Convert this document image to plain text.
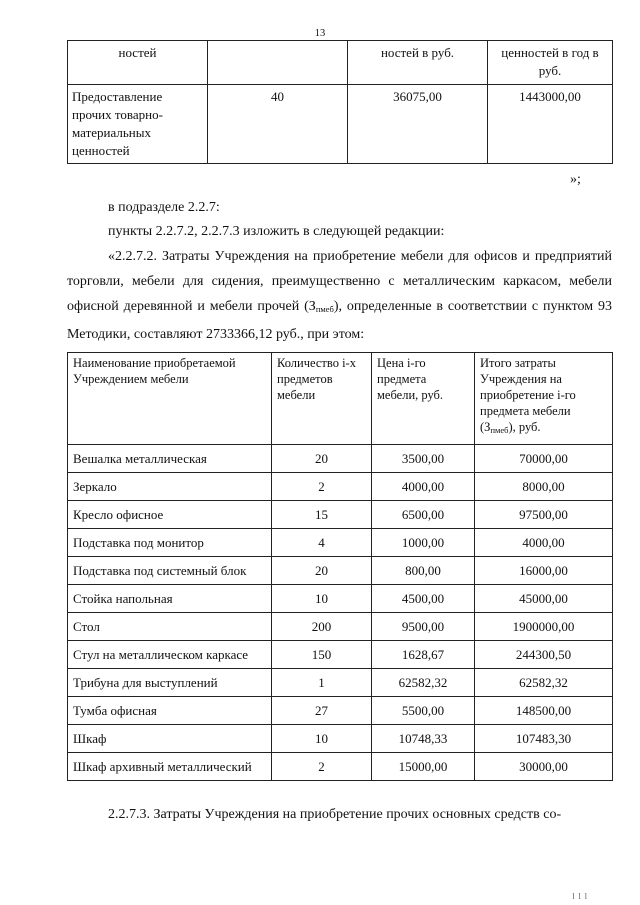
13
ностей		ностей в руб.	ценностей в год в руб.
Предоставление прочих товарно-материальных ценностей	40	36075,00	1443000,00
»;
в подразделе 2.2.7:
пункты 2.2.7.2, 2.2.7.3 изложить в следующей редакции:
«2.2.7.2. Затраты Учреждения на приобретение мебели для офисов и предприятий торговли, мебели для сидения, преимущественно с металлическим каркасом, мебели офисной деревянной и мебели прочей $(З_{пмеб})$, определенные в соответствии с пунктом 93 Методики, составляют 2733366,12 руб., при этом:
Наименование приобретаемой Учреждением мебели	Количество i-х предметов мебели	Цена i-го предмета мебели, руб.	Итого затраты Учреждения на приобретение i-го предмета мебели $(З_{пмеб})$, руб.
Вешалка металлическая	20	3500,00	70000,00
Зеркало	2	4000,00	8000,00
Кресло офисное	15	6500,00	97500,00
Подставка под монитор	4	1000,00	4000,00
Подставка под системный блок	20	800,00	16000,00
Стойка напольная	10	4500,00	45000,00
Стол	200	9500,00	1900000,00
Стул на металлическом каркасе	150	1628,67	244300,50
Трибуна для выступлений	1	62582,32	62582,32
Тумба офисная	27	5500,00	148500,00
Шкаф	10	10748,33	107483,30
Шкаф архивный металлический	2	15000,00	30000,00
2.2.7.3. Затраты Учреждения на приобретение прочих основных средств со-
l l l
